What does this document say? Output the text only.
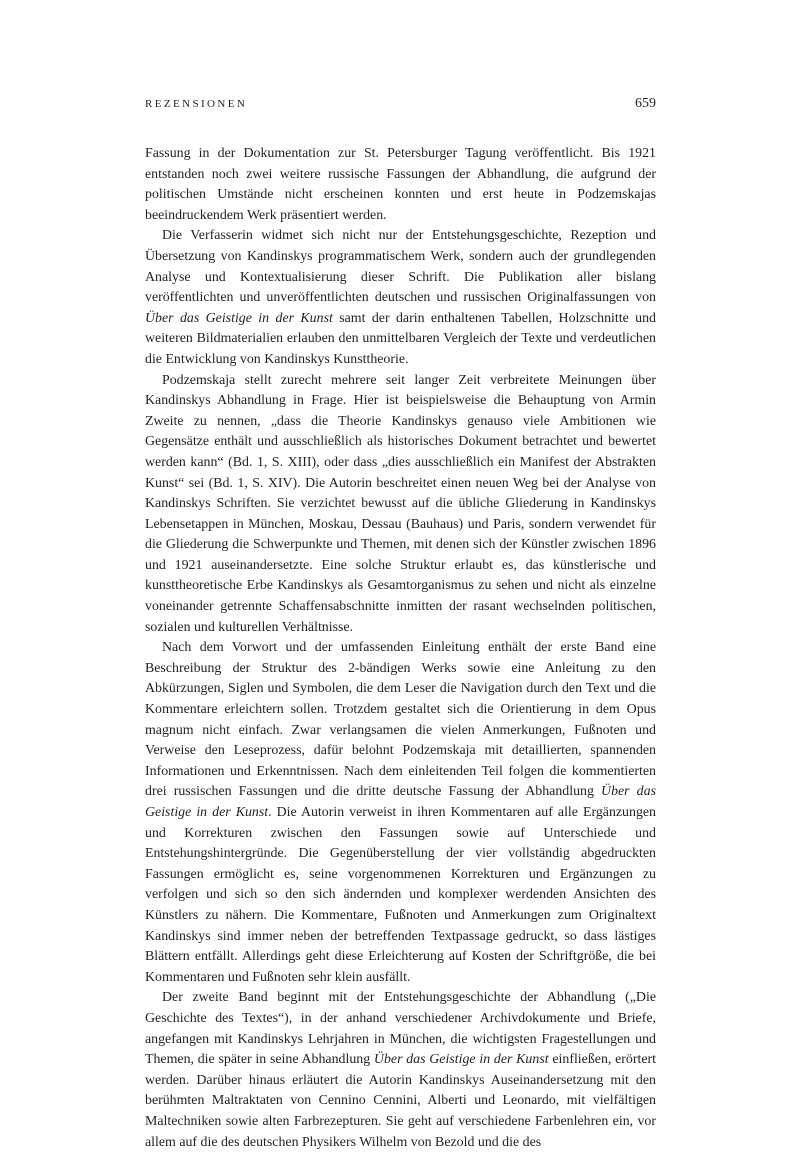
REZENSIONEN	659

Fassung in der Dokumentation zur St. Petersburger Tagung veröffentlicht. Bis 1921 entstanden noch zwei weitere russische Fassungen der Abhandlung, die aufgrund der politischen Umstände nicht erscheinen konnten und erst heute in Podzemskajas beeindruckendem Werk präsentiert werden.

Die Verfasserin widmet sich nicht nur der Entstehungsgeschichte, Rezeption und Übersetzung von Kandinskys programmatischem Werk, sondern auch der grundlegenden Analyse und Kontextualisierung dieser Schrift. Die Publikation aller bislang veröffentlichten und unveröffentlichten deutschen und russischen Originalfassungen von Über das Geistige in der Kunst samt der darin enthaltenen Tabellen, Holzschnitte und weiteren Bildmaterialien erlauben den unmittelbaren Vergleich der Texte und verdeutlichen die Entwicklung von Kandinskys Kunsttheorie.

Podzemskaja stellt zurecht mehrere seit langer Zeit verbreitete Meinungen über Kandinskys Abhandlung in Frage. Hier ist beispielsweise die Behauptung von Armin Zweite zu nennen, „dass die Theorie Kandinskys genauso viele Ambitionen wie Gegensätze enthält und ausschließlich als historisches Dokument betrachtet und bewertet werden kann“ (Bd. 1, S. XIII), oder dass „dies ausschließlich ein Manifest der Abstrakten Kunst“ sei (Bd. 1, S. XIV). Die Autorin beschreitet einen neuen Weg bei der Analyse von Kandinskys Schriften. Sie verzichtet bewusst auf die übliche Gliederung in Kandinskys Lebensetappen in München, Moskau, Dessau (Bauhaus) und Paris, sondern verwendet für die Gliederung die Schwerpunkte und Themen, mit denen sich der Künstler zwischen 1896 und 1921 auseinandersetzte. Eine solche Struktur erlaubt es, das künstlerische und kunsttheoretische Erbe Kandinskys als Gesamtorganismus zu sehen und nicht als einzelne voneinander getrennte Schaffensabschnitte inmitten der rasant wechselnden politischen, sozialen und kulturellen Verhältnisse.

Nach dem Vorwort und der umfassenden Einleitung enthält der erste Band eine Beschreibung der Struktur des 2-bändigen Werks sowie eine Anleitung zu den Abkürzungen, Siglen und Symbolen, die dem Leser die Navigation durch den Text und die Kommentare erleichtern sollen. Trotzdem gestaltet sich die Orientierung in dem Opus magnum nicht einfach. Zwar verlangsamen die vielen Anmerkungen, Fußnoten und Verweise den Leseprozess, dafür belohnt Podzemskaja mit detaillierten, spannenden Informationen und Erkenntnissen. Nach dem einleitenden Teil folgen die kommentierten drei russischen Fassungen und die dritte deutsche Fassung der Abhandlung Über das Geistige in der Kunst. Die Autorin verweist in ihren Kommentaren auf alle Ergänzungen und Korrekturen zwischen den Fassungen sowie auf Unterschiede und Entstehungshintergründe. Die Gegenüberstellung der vier vollständig abgedruckten Fassungen ermöglicht es, seine vorgenommenen Korrekturen und Ergänzungen zu verfolgen und sich so den sich ändernden und komplexer werdenden Ansichten des Künstlers zu nähern. Die Kommentare, Fußnoten und Anmerkungen zum Originaltext Kandinskys sind immer neben der betreffenden Textpassage gedruckt, so dass lästiges Blättern entfällt. Allerdings geht diese Erleichterung auf Kosten der Schriftgröße, die bei Kommentaren und Fußnoten sehr klein ausfällt.

Der zweite Band beginnt mit der Entstehungsgeschichte der Abhandlung („Die Geschichte des Textes“), in der anhand verschiedener Archivdokumente und Briefe, angefangen mit Kandinskys Lehrjahren in München, die wichtigsten Fragestellungen und Themen, die später in seine Abhandlung Über das Geistige in der Kunst einfließen, erörtert werden. Darüber hinaus erläutert die Autorin Kandinskys Auseinandersetzung mit den berühmten Maltraktaten von Cennino Cennini, Alberti und Leonardo, mit vielfältigen Maltechniken sowie alten Farbrezepturen. Sie geht auf verschiedene Farbenlehren ein, vor allem auf die des deutschen Physikers Wilhelm von Bezold und die des
